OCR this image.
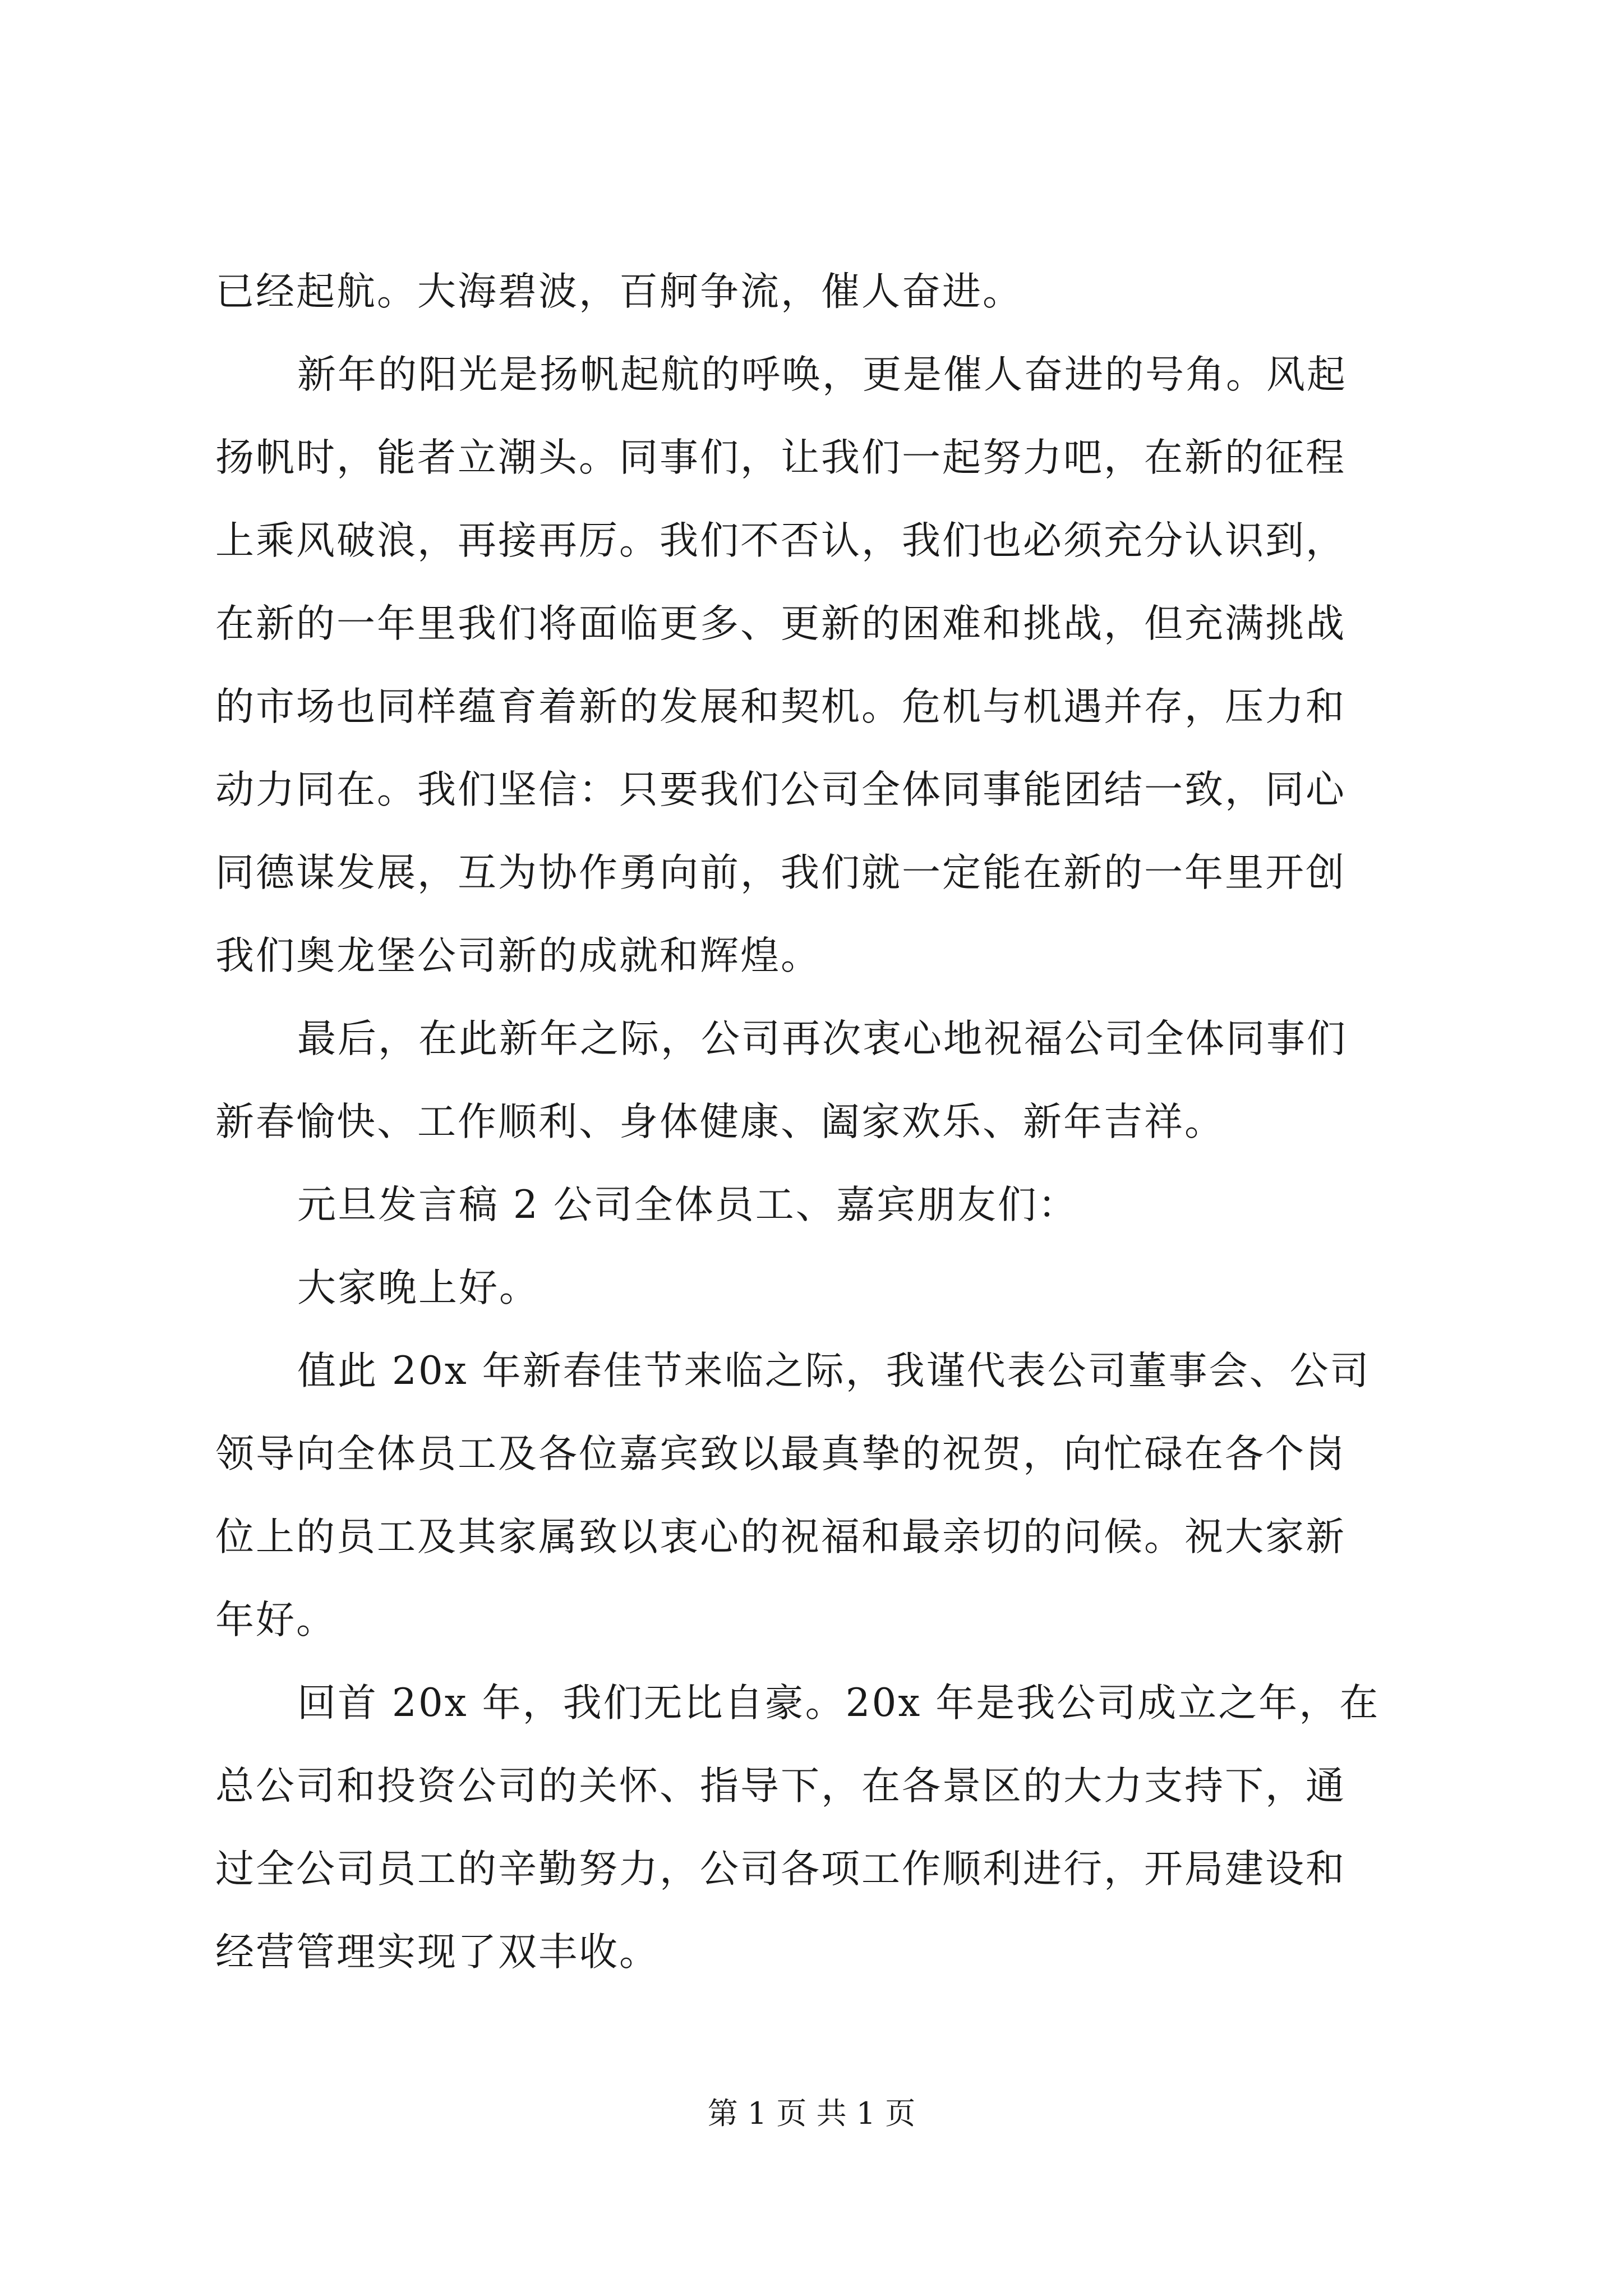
已经起航。大海碧波，百舸争流，催人奋进。
新年的阳光是扬帆起航的呼唤，更是催人奋进的号角。风起
扬帆时，能者立潮头。同事们，让我们一起努力吧，在新的征程
上乘风破浪，再接再厉。我们不否认，我们也必须充分认识到，
在新的一年里我们将面临更多、更新的困难和挑战，但充满挑战
的市场也同样蕴育着新的发展和契机。危机与机遇并存，压力和
动力同在。我们坚信：只要我们公司全体同事能团结一致，同心
同德谋发展，互为协作勇向前，我们就一定能在新的一年里开创
我们奥龙堡公司新的成就和辉煌。
最后，在此新年之际，公司再次衷心地祝福公司全体同事们
新春愉快、工作顺利、身体健康、阖家欢乐、新年吉祥。
元旦发言稿 2 公司全体员工、嘉宾朋友们：
大家晚上好。
值此 20x 年新春佳节来临之际，我谨代表公司董事会、公司
领导向全体员工及各位嘉宾致以最真挚的祝贺，向忙碌在各个岗
位上的员工及其家属致以衷心的祝福和最亲切的问候。祝大家新
年好。
回首 20x 年，我们无比自豪。20x 年是我公司成立之年，在
总公司和投资公司的关怀、指导下，在各景区的大力支持下，通
过全公司员工的辛勤努力，公司各项工作顺利进行，开局建设和
经营管理实现了双丰收。
第 1 页 共 1 页
